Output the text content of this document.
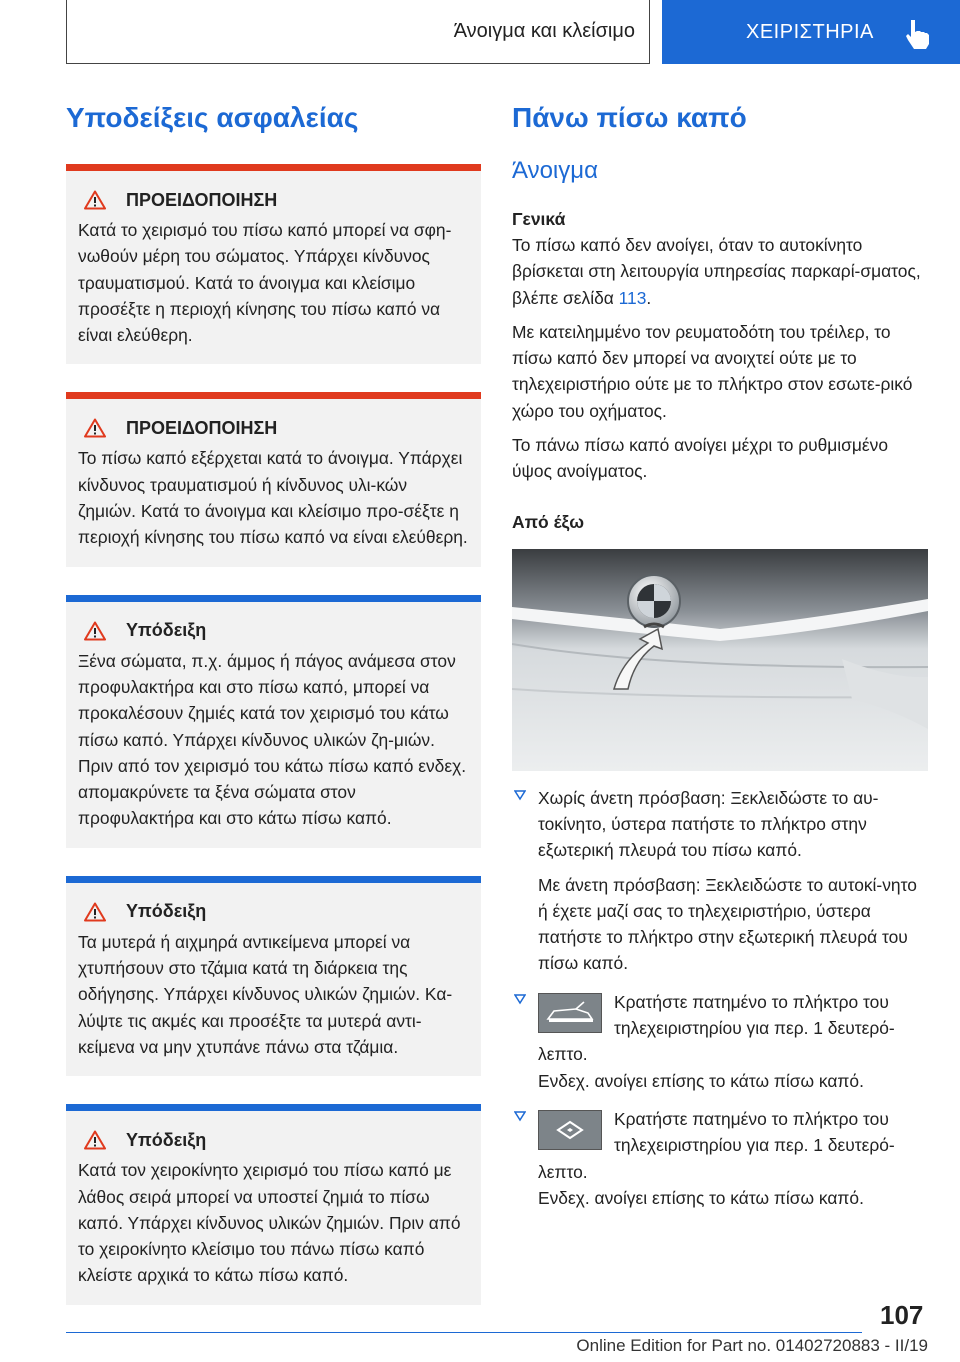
Άνοιγμα και κλείσιμο	ΧΕΙΡΙΣΤΗΡΙΑ
Υποδείξεις ασφαλείας
ΠΡΟΕΙΔΟΠΟΙΗΣΗ

Κατά το χειρισμό του πίσω καπό μπορεί να σφη-νωθούν μέρη του σώματος. Υπάρχει κίνδυνος τραυματισμού. Κατά το άνοιγμα και κλείσιμο προσέξτε η περιοχή κίνησης του πίσω καπό να είναι ελεύθερη.

ΠΡΟΕΙΔΟΠΟΙΗΣΗ

Το πίσω καπό εξέρχεται κατά το άνοιγμα. Υπάρχει κίνδυνος τραυματισμού ή κίνδυνος υλι-κών ζημιών. Κατά το άνοιγμα και κλείσιμο προ-σέξτε η περιοχή κίνησης του πίσω καπό να είναι ελεύθερη.

Υπόδειξη

Ξένα σώματα, π.χ. άμμος ή πάγος ανάμεσα στον προφυλακτήρα και στο πίσω καπό, μπορεί να προκαλέσουν ζημιές κατά τον χειρισμό του κάτω πίσω καπό. Υπάρχει κίνδυνος υλικών ζη-μιών. Πριν από τον χειρισμό του κάτω πίσω καπό ενδεχ. απομακρύνετε τα ξένα σώματα στον προφυλακτήρα και στο κάτω πίσω καπό.

Υπόδειξη

Τα μυτερά ή αιχμηρά αντικείμενα μπορεί να χτυπήσουν στο τζάμια κατά τη διάρκεια της οδήγησης. Υπάρχει κίνδυνος υλικών ζημιών. Κα-λύψτε τις ακμές και προσέξτε τα μυτερά αντι-κείμενα να μην χτυπάνε πάνω στα τζάμια.

Υπόδειξη

Κατά τον χειροκίνητο χειρισμό του πίσω καπό με λάθος σειρά μπορεί να υποστεί ζημιά το πίσω καπό. Υπάρχει κίνδυνος υλικών ζημιών. Πριν από το χειροκίνητο κλείσιμο του πάνω πίσω καπό κλείστε αρχικά το κάτω πίσω καπό.

Πάνω πίσω καπό
Άνοιγμα
Γενικά

Το πίσω καπό δεν ανοίγει, όταν το αυτοκίνητο βρίσκεται στη λειτουργία υπηρεσίας παρκαρί-σματος, βλέπε σελίδα 113.

Με κατειλημμένο τον ρευματοδότη του τρέιλερ, το πίσω καπό δεν μπορεί να ανοιχτεί ούτε με το τηλεχειριστήριο ούτε με το πλήκτρο στον εσωτε-ρικό χώρο του οχήματος.

Το πάνω πίσω καπό ανοίγει μέχρι το ρυθμισμένο ύψος ανοίγματος.

Από έξω

Χωρίς άνετη πρόσβαση: Ξεκλειδώστε το αυ-τοκίνητο, ύστερα πατήστε το πλήκτρο στην εξωτερική πλευρά του πίσω καπό.

Με άνετη πρόσβαση: Ξεκλειδώστε το αυτοκί-νητο ή έχετε μαζί σας το τηλεχειριστήριο, ύστερα πατήστε το πλήκτρο στην εξωτερική πλευρά του πίσω καπό.

Κρατήστε πατημένο το πλήκτρο του τηλεχειριστηρίου για περ. 1 δευτερό-λεπτο.

Ενδεχ. ανοίγει επίσης το κάτω πίσω καπό.

Κρατήστε πατημένο το πλήκτρο του τηλεχειριστηρίου για περ. 1 δευτερό-λεπτο.

Ενδεχ. ανοίγει επίσης το κάτω πίσω καπό.

107
Online Edition for Part no. 01402720883 - II/19
